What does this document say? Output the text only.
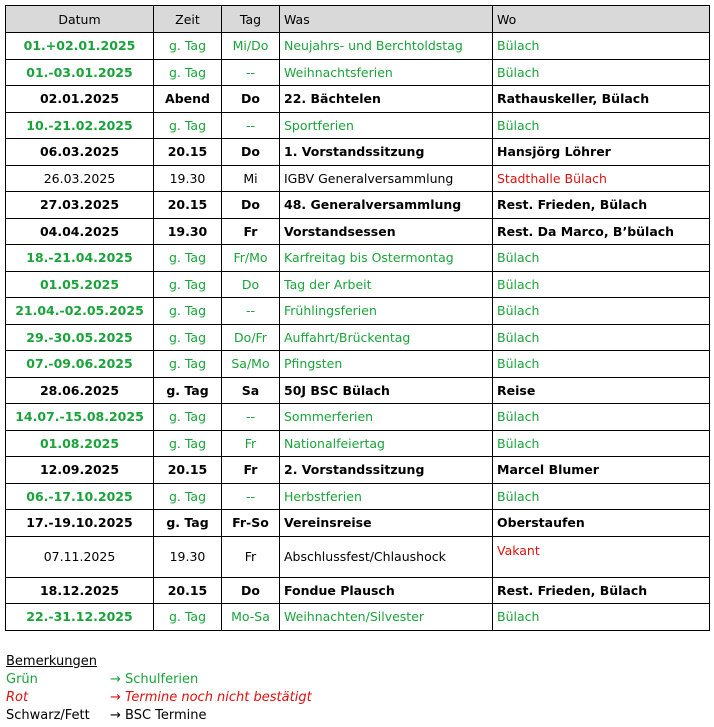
Datum	Zeit	Tag	Was	Wo
01.+02.01.2025	g. Tag	Mi/Do	Neujahrs- und Berchtoldstag	Bülach
01.-03.01.2025	g. Tag	--	Weihnachtsferien	Bülach
02.01.2025	Abend	Do	22. Bächtelen	Rathauskeller, Bülach
10.-21.02.2025	g. Tag	--	Sportferien	Bülach
06.03.2025	20.15	Do	1. Vorstandssitzung	Hansjörg Löhrer
26.03.2025	19.30	Mi	IGBV Generalversammlung	Stadthalle Bülach
27.03.2025	20.15	Do	48. Generalversammlung	Rest. Frieden, Bülach
04.04.2025	19.30	Fr	Vorstandsessen	Rest. Da Marco, B’bülach
18.-21.04.2025	g. Tag	Fr/Mo	Karfreitag bis Ostermontag	Bülach
01.05.2025	g. Tag	Do	Tag der Arbeit	Bülach
21.04.-02.05.2025	g. Tag	--	Frühlingsferien	Bülach
29.-30.05.2025	g. Tag	Do/Fr	Auffahrt/Brückentag	Bülach
07.-09.06.2025	g. Tag	Sa/Mo	Pfingsten	Bülach
28.06.2025	g. Tag	Sa	50J BSC Bülach	Reise
14.07.-15.08.2025	g. Tag	--	Sommerferien	Bülach
01.08.2025	g. Tag	Fr	Nationalfeiertag	Bülach
12.09.2025	20.15	Fr	2. Vorstandssitzung	Marcel Blumer
06.-17.10.2025	g. Tag	--	Herbstferien	Bülach
17.-19.10.2025	g. Tag	Fr-So	Vereinsreise	Oberstaufen
07.11.2025	19.30	Fr	Abschlussfest/Chlaushock	Vakant
18.12.2025	20.15	Do	Fondue Plausch	Rest. Frieden, Bülach
22.-31.12.2025	g. Tag	Mo-Sa	Weihnachten/Silvester	Bülach
Bemerkungen
Grün	→ Schulferien
Rot	→ Termine noch nicht bestätigt
Schwarz/Fett	→ BSC Termine
